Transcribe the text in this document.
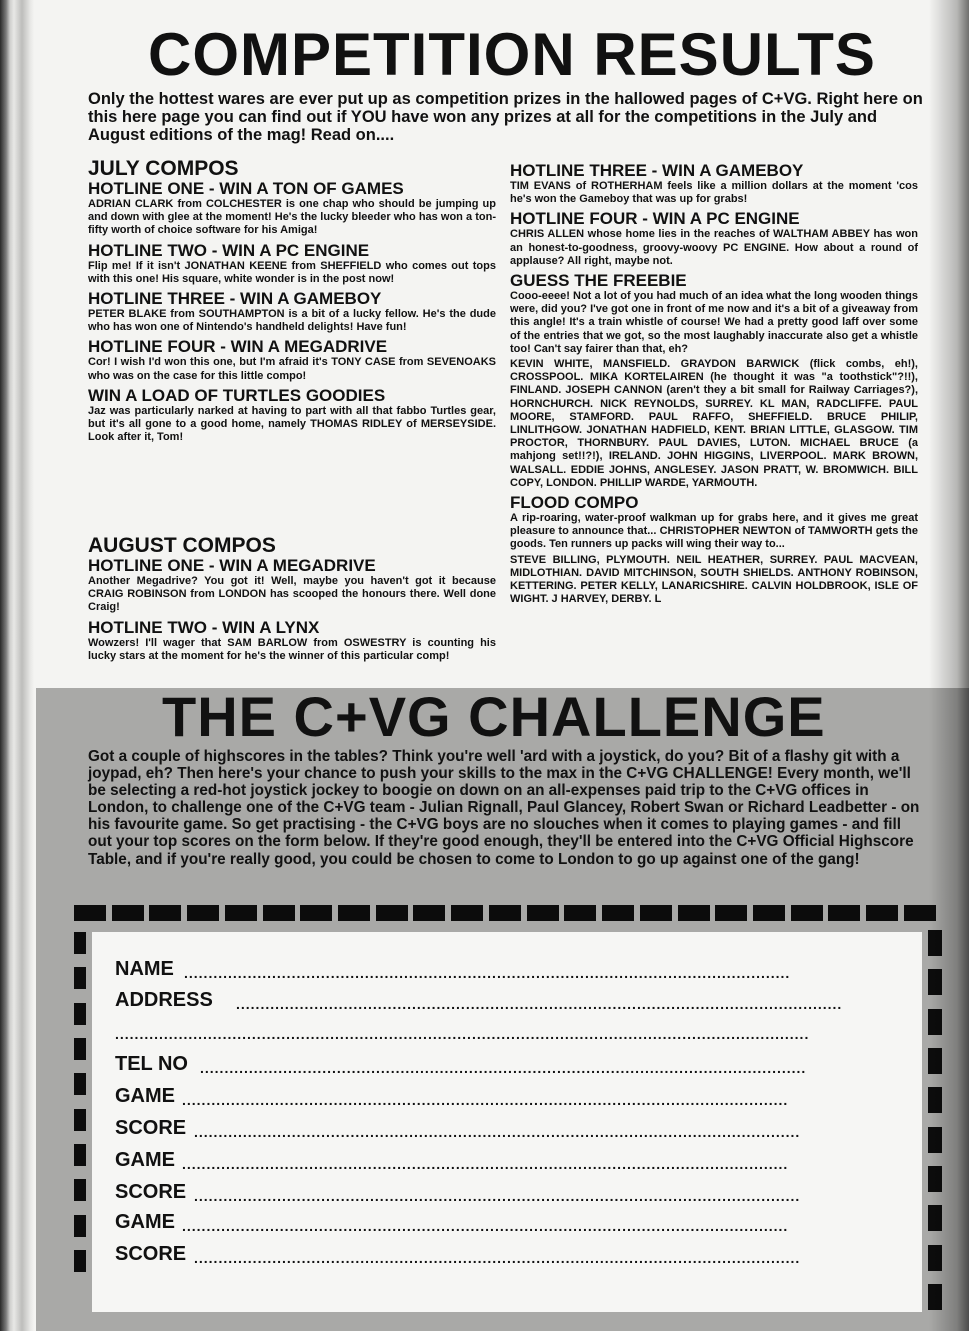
COMPETITION RESULTS

Only the hottest wares are ever put up as competition prizes in the hallowed pages of C+VG. Right here on this here page you can find out if YOU have won any prizes at all for the competitions in the July and August editions of the mag! Read on....

JULY COMPOS
HOTLINE ONE - WIN A TON OF GAMES

ADRIAN CLARK from COLCHESTER is one chap who should be jumping up and down with glee at the moment! He's the lucky bleeder who has won a ton-fifty worth of choice software for his Amiga!

HOTLINE TWO - WIN A PC ENGINE

Flip me! If it isn't JONATHAN KEENE from SHEFFIELD who comes out tops with this one! His square, white wonder is in the post now!

HOTLINE THREE - WIN A GAMEBOY

PETER BLAKE from SOUTHAMPTON is a bit of a lucky fellow. He's the dude who has won one of Nintendo's handheld delights! Have fun!

HOTLINE FOUR - WIN A MEGADRIVE

Cor! I wish I'd won this one, but I'm afraid it's TONY CASE from SEVENOAKS who was on the case for this little compo!

WIN A LOAD OF TURTLES GOODIES

Jaz was particularly narked at having to part with all that fabbo Turtles gear, but it's all gone to a good home, namely THOMAS RIDLEY of MERSEYSIDE. Look after it, Tom!

AUGUST COMPOS
HOTLINE ONE - WIN A MEGADRIVE

Another Megadrive? You got it! Well, maybe you haven't got it because CRAIG ROBINSON from LONDON has scooped the honours there. Well done Craig!

HOTLINE TWO - WIN A LYNX

Wowzers! I'll wager that SAM BARLOW from OSWESTRY is counting his lucky stars at the moment for he's the winner of this particular comp!

HOTLINE THREE - WIN A GAMEBOY

TIM EVANS of ROTHERHAM feels like a million dollars at the moment 'cos he's won the Gameboy that was up for grabs!

HOTLINE FOUR - WIN A PC ENGINE

CHRIS ALLEN whose home lies in the reaches of WALTHAM ABBEY has won an honest-to-goodness, groovy-woovy PC ENGINE. How about a round of applause? All right, maybe not.

GUESS THE FREEBIE

Cooo-eeee! Not a lot of you had much of an idea what the long wooden things were, did you? I've got one in front of me now and it's a bit of a giveaway from this angle! It's a train whistle of course! We had a pretty good laff over some of the entries that we got, so the most laughably inaccurate also get a whistle too! Can't say fairer than that, eh?

KEVIN WHITE, MANSFIELD. GRAYDON BARWICK (flick combs, eh!), CROSSPOOL. MIKA KORTELAIREN (he thought it was "a toothstick"?!!), FINLAND. JOSEPH CANNON (aren't they a bit small for Railway Carriages?), HORNCHURCH. NICK REYNOLDS, SURREY. KL MAN, RADCLIFFE. PAUL MOORE, STAMFORD. PAUL RAFFO, SHEFFIELD. BRUCE PHILIP, LINLITHGOW. JONATHAN HADFIELD, KENT. BRIAN LITTLE, GLASGOW. TIM PROCTOR, THORNBURY. PAUL DAVIES, LUTON. MICHAEL BRUCE (a mahjong set!!?!), IRELAND. JOHN HIGGINS, LIVERPOOL. MARK BROWN, WALSALL. EDDIE JOHNS, ANGLESEY. JASON PRATT, W. BROMWICH. BILL COPY, LONDON. PHILLIP WARDE, YARMOUTH.

FLOOD COMPO

A rip-roaring, water-proof walkman up for grabs here, and it gives me great pleasure to announce that... CHRISTOPHER NEWTON of TAMWORTH gets the goods. Ten runners up packs will wing their way to...

STEVE BILLING, PLYMOUTH. NEIL HEATHER, SURREY. PAUL MACVEAN, MIDLOTHIAN. DAVID MITCHINSON, SOUTH SHIELDS. ANTHONY ROBINSON, KETTERING. PETER KELLY, LANARICSHIRE. CALVIN HOLDBROOK, ISLE OF WIGHT. J HARVEY, DERBY. L

THE C+VG CHALLENGE

Got a couple of highscores in the tables? Think you're well 'ard with a joystick, do you? Bit of a flashy git with a joypad, eh? Then here's your chance to push your skills to the max in the C+VG CHALLENGE! Every month, we'll be selecting a red-hot joystick jockey to boogie on down on an all-expenses paid trip to the C+VG offices in London, to challenge one of the C+VG team - Julian Rignall, Paul Glancey, Robert Swan or Richard Leadbetter - on his favourite game. So get practising - the C+VG boys are no slouches when it comes to playing games - and fill out your top scores on the form below. If they're good enough, they'll be entered into the C+VG Official Highscore Table, and if you're really good, you could be chosen to come to London to go up against one of the gang!

NAME ............................................................................................................................
ADDRESS ............................................................................................................................
..............................................................................................................................................
TEL NO ............................................................................................................................
GAME ............................................................................................................................
SCORE ............................................................................................................................
GAME ............................................................................................................................
SCORE ............................................................................................................................
GAME ............................................................................................................................
SCORE ............................................................................................................................
